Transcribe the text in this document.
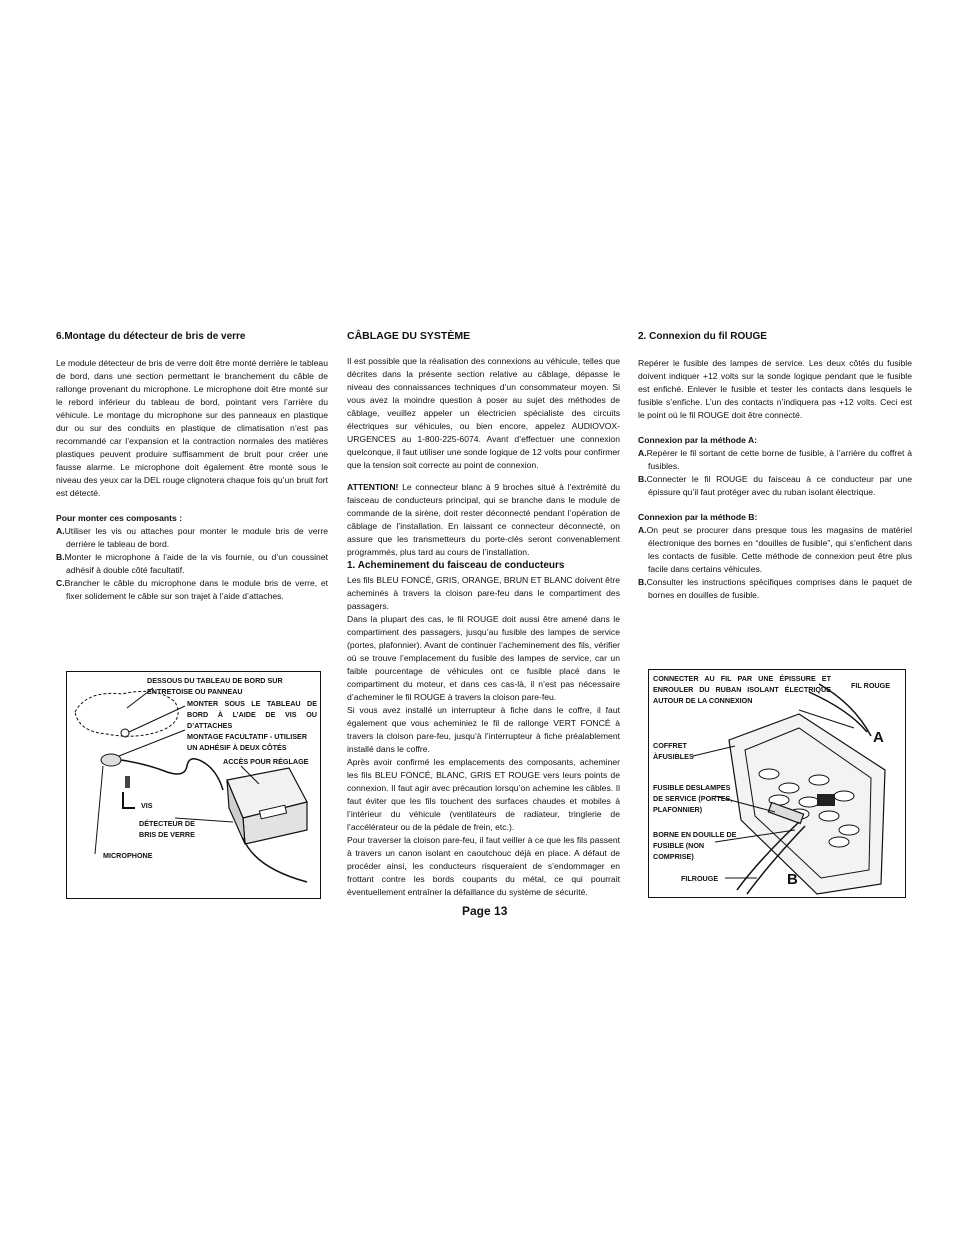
6.Montage du détecteur de bris de verre

Le module détecteur de bris de verre doit être monté derrière le tableau de bord, dans une section permettant le branchement du câble de rallonge provenant du microphone. Le microphone doit être monté sur le rebord inférieur du tableau de bord, pointant vers l’arrière du véhicule. Le montage du microphone sur des panneaux en plastique dur ou sur des conduits en plastique de climatisation n’est pas recommandé car l’expansion et la contraction normales des matières plastiques peuvent produire suffisamment de bruit pour créer une fausse alarme. Le microphone doit également être monté sous le niveau des yeux car la DEL rouge clignotera chaque fois qu’un bruit fort est détecté.

Pour monter ces composants :

A.Utiliser les vis ou attaches pour monter le module bris de verre derrière le tableau de bord.

B.Monter le microphone à l’aide de la vis fournie, ou d’un coussinet adhésif à double côté facultatif.

C.Brancher le câble du microphone dans le module bris de verre, et fixer solidement le câble sur son trajet à l’aide d’attaches.

CÂBLAGE DU SYSTÈME

Il est possible que la réalisation des connexions au véhicule, telles que décrites dans la présente section relative au câblage, dépasse le niveau des connaissances techniques d’un consommateur moyen. Si vous avez la moindre question à poser au sujet des méthodes de câblage, veuillez appeler un électricien spécialiste des circuits électriques sur véhicules, ou bien encore, appelez AUDIOVOX-URGENCES au 1-800-225-6074. Avant d’effectuer une connexion quelconque, il faut utiliser une sonde logique de 12 volts pour confirmer que la tension soit correcte au point de connexion.

ATTENTION! Le connecteur blanc à 9 broches situé à l’extrémité du faisceau de conducteurs principal, qui se branche dans le module de commande de la sirène, doit rester déconnecté pendant l’opération de câblage de l’installation. En laissant ce connecteur déconnecté, on assure que les transmetteurs du porte-clés seront convenablement programmés, plus tard au cours de l’installation.

1. Acheminement du faisceau de conducteurs

Les fils BLEU FONCÉ, GRIS, ORANGE, BRUN ET BLANC doivent être acheminés à travers la cloison pare-feu dans le compartiment des passagers.

Dans la plupart des cas, le fil ROUGE doit aussi être amené dans le compartiment des passagers, jusqu’au fusible des lampes de service (portes, plafonnier). Avant de continuer l’acheminement des fils, vérifier où se trouve l’emplacement du fusible des lampes de service, car un faible pourcentage de véhicules ont ce fusible placé dans le compartiment du moteur, et dans ces cas-là, il n’est pas nécessaire d’acheminer le fil ROUGE à travers la cloison pare-feu.

Si vous avez installé un interrupteur à fiche dans le coffre, il faut également que vous acheminiez le fil de rallonge VERT FONCÉ à travers la cloison pare-feu, jusqu’à l’interrupteur à fiche préalablement installé dans le coffre.

Après avoir confirmé les emplacements des composants, acheminer les fils BLEU FONCÉ, BLANC, GRIS ET ROUGE vers leurs points de connexion. Il faut agir avec précaution lorsqu’on achemine les câbles. Il faut éviter que les fils touchent des surfaces chaudes et mobiles à l’intérieur du véhicule (ventilateurs de radiateur, tringlerie de l’accélérateur ou de la pédale de frein, etc.).

Pour traverser la cloison pare-feu, il faut veiller à ce que les fils passent à travers un canon isolant en caoutchouc déjà en place. A défaut de procéder ainsi, les conducteurs risqueraient de s’endommager en frottant contre les bords coupants du métal, ce qui pourrait éventuellement entraîner la défaillance du système de sécurité.

2. Connexion du fil ROUGE

Repérer le fusible des lampes de service. Les deux côtés du fusible doivent indiquer +12 volts sur la sonde logique pendant que le fusible est enfiché. Enlever le fusible et tester les contacts dans lesquels le fusible s’enfiche. L’un des contacts n’indiquera pas +12 volts. Ceci est le point où le fil ROUGE doit être connecté.

Connexion par la méthode A:

A.Repérer le fil sortant de cette borne de fusible, à l’arrière du coffret à fusibles.

B.Connecter le fil ROUGE du faisceau à ce conducteur par une épissure qu’il faut protéger avec du ruban isolant électrique.

Connexion par la méthode B:

A.On peut se procurer dans presque tous les magasins de matériel électronique des bornes en “douilles de fusible”, qui s’enfichent dans les contacts de fusible. Cette méthode de connexion peut être plus facile dans certains véhicules.

B.Consulter les instructions spécifiques comprises dans le paquet de bornes en douilles de fusible.

DESSOUS DU TABLEAU DE BORD SUR ENTRETOISE OU PANNEAU
MONTER SOUS LE TABLEAU DE BORD À L’AIDE DE VIS OU D’ATTACHES
MONTAGE FACULTATIF - UTILISER UN ADHÉSIF À DEUX CÔTÉS
ACCÈS POUR RÉGLAGE
VIS
DÉTECTEUR DE BRIS DE VERRE
MICROPHONE
CONNECTER AU FIL PAR UNE ÉPISSURE ET ENROULER DU RUBAN ISOLANT ÉLECTRIQUE AUTOUR DE LA CONNEXION
FIL ROUGE
COFFRET ÀFUSIBLES
FUSIBLE DESLAMPES DE SERVICE (PORTES, PLAFONNIER)
BORNE EN DOUILLE DE FUSIBLE (NON COMPRISE)
FILROUGE
A
B
Page 13
